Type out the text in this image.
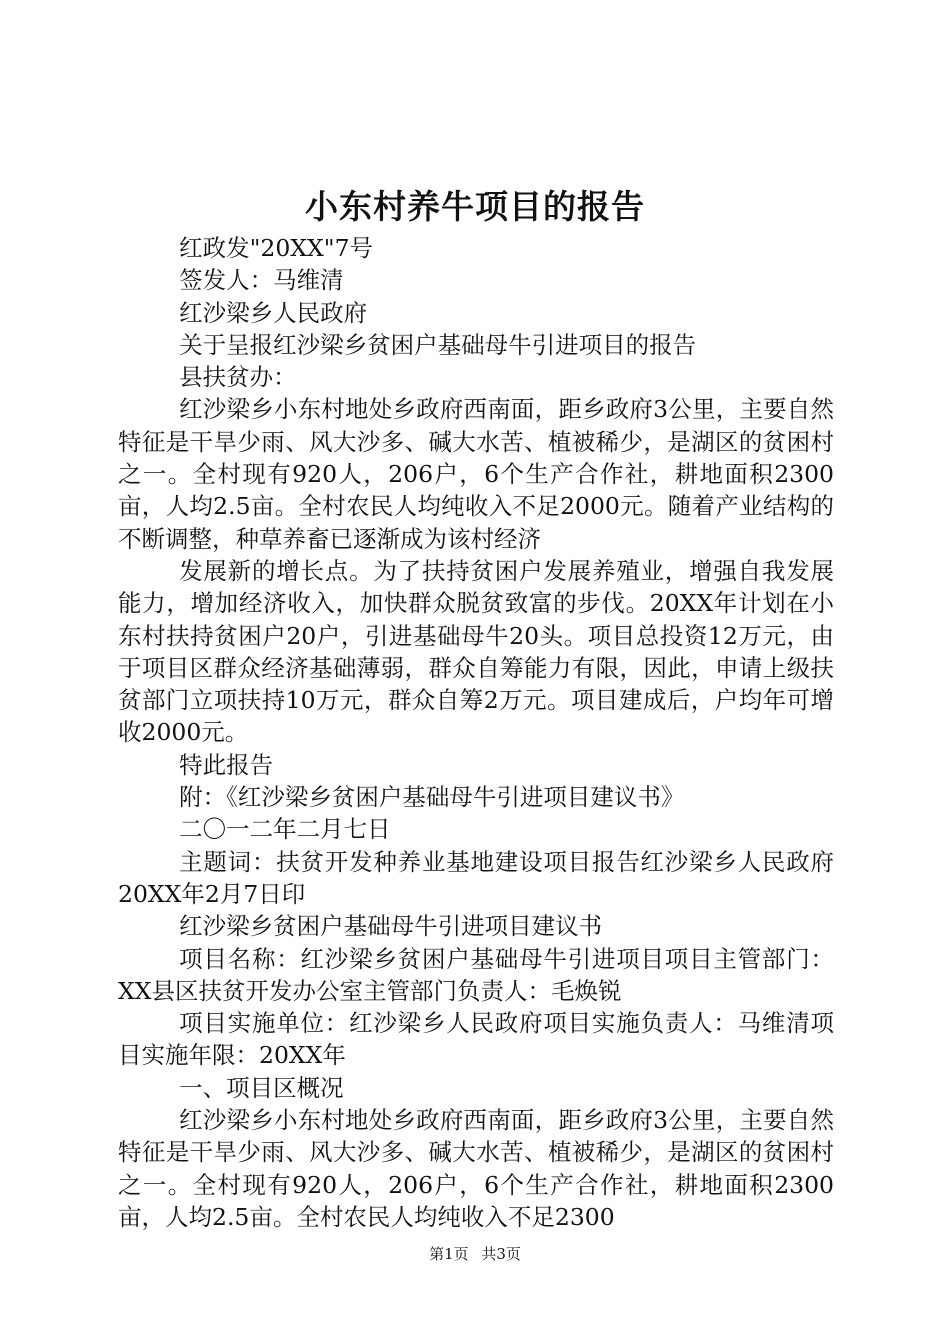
小东村养牛项目的报告

红政发"20XX"7号

签发人：马维清

红沙梁乡人民政府

关于呈报红沙梁乡贫困户基础母牛引进项目的报告

县扶贫办：

红沙梁乡小东村地处乡政府西南面，距乡政府3公里，主要自然特征是干旱少雨、风大沙多、碱大水苦、植被稀少，是湖区的贫困村之一。全村现有920人，206户，6个生产合作社，耕地面积2300亩，人均2.5亩。全村农民人均纯收入不足2000元。随着产业结构的不断调整，种草养畜已逐渐成为该村经济

发展新的增长点。为了扶持贫困户发展养殖业，增强自我发展能力，增加经济收入，加快群众脱贫致富的步伐。20XX年计划在小东村扶持贫困户20户，引进基础母牛20头。项目总投资12万元，由于项目区群众经济基础薄弱，群众自筹能力有限，因此，申请上级扶贫部门立项扶持10万元，群众自筹2万元。项目建成后，户均年可增收2000元。

特此报告

附：《红沙梁乡贫困户基础母牛引进项目建议书》

二〇一二年二月七日

主题词：扶贫开发种养业基地建设项目报告红沙梁乡人民政府20XX年2月7日印

红沙梁乡贫困户基础母牛引进项目建议书

项目名称：红沙梁乡贫困户基础母牛引进项目项目主管部门：XX县区扶贫开发办公室主管部门负责人：毛焕锐

项目实施单位：红沙梁乡人民政府项目实施负责人：马维清项目实施年限：20XX年

一、项目区概况

红沙梁乡小东村地处乡政府西南面，距乡政府3公里，主要自然特征是干旱少雨、风大沙多、碱大水苦、植被稀少，是湖区的贫困村之一。全村现有920人，206户，6个生产合作社，耕地面积2300亩，人均2.5亩。全村农民人均纯收入不足2300

第1页 共3页
